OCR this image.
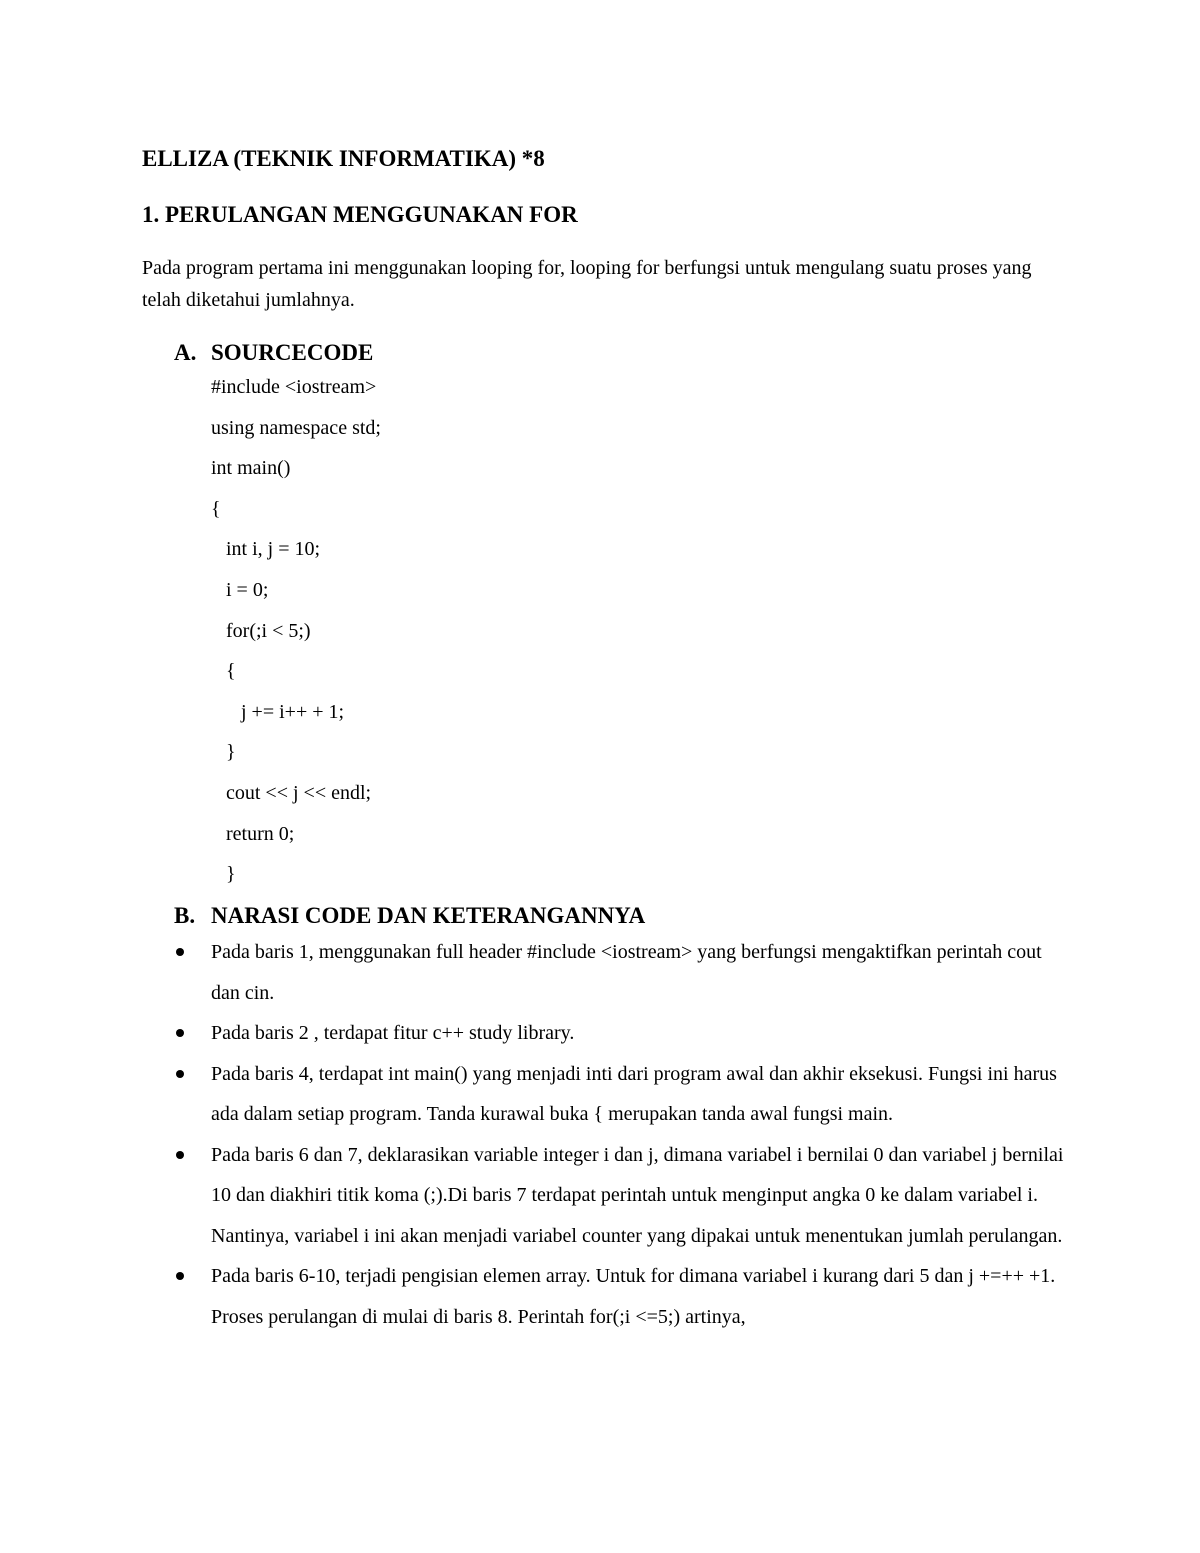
ELLIZA (TEKNIK INFORMATIKA) *8
1. PERULANGAN MENGGUNAKAN FOR

Pada program pertama ini menggunakan looping for, looping for berfungsi untuk mengulang suatu proses yang telah diketahui jumlahnya.

A. SOURCECODE
#include <iostream>
using namespace std;
int main()
{
int i, j = 10;
i = 0;
for(;i < 5;)
{
j += i++ + 1;
}
cout << j << endl;
return 0;
}
B. NARASI CODE DAN KETERANGANNYA
Pada baris 1, menggunakan full header #include <iostream> yang berfungsi mengaktifkan perintah cout dan cin.
Pada baris 2 , terdapat fitur c++ study library.
Pada baris 4, terdapat int main() yang menjadi inti dari program awal dan akhir eksekusi. Fungsi ini harus ada dalam setiap program. Tanda kurawal buka { merupakan tanda awal fungsi main.
Pada baris 6 dan 7, deklarasikan variable integer i dan j, dimana variabel i bernilai 0 dan variabel j bernilai 10 dan diakhiri titik koma (;).Di baris 7 terdapat perintah untuk menginput angka 0 ke dalam variabel i. Nantinya, variabel i ini akan menjadi variabel counter yang dipakai untuk menentukan jumlah perulangan.
Pada baris 6-10, terjadi pengisian elemen array. Untuk for dimana variabel i kurang dari 5 dan j +=++ +1. Proses perulangan di mulai di baris 8. Perintah for(;i <=5;) artinya,
